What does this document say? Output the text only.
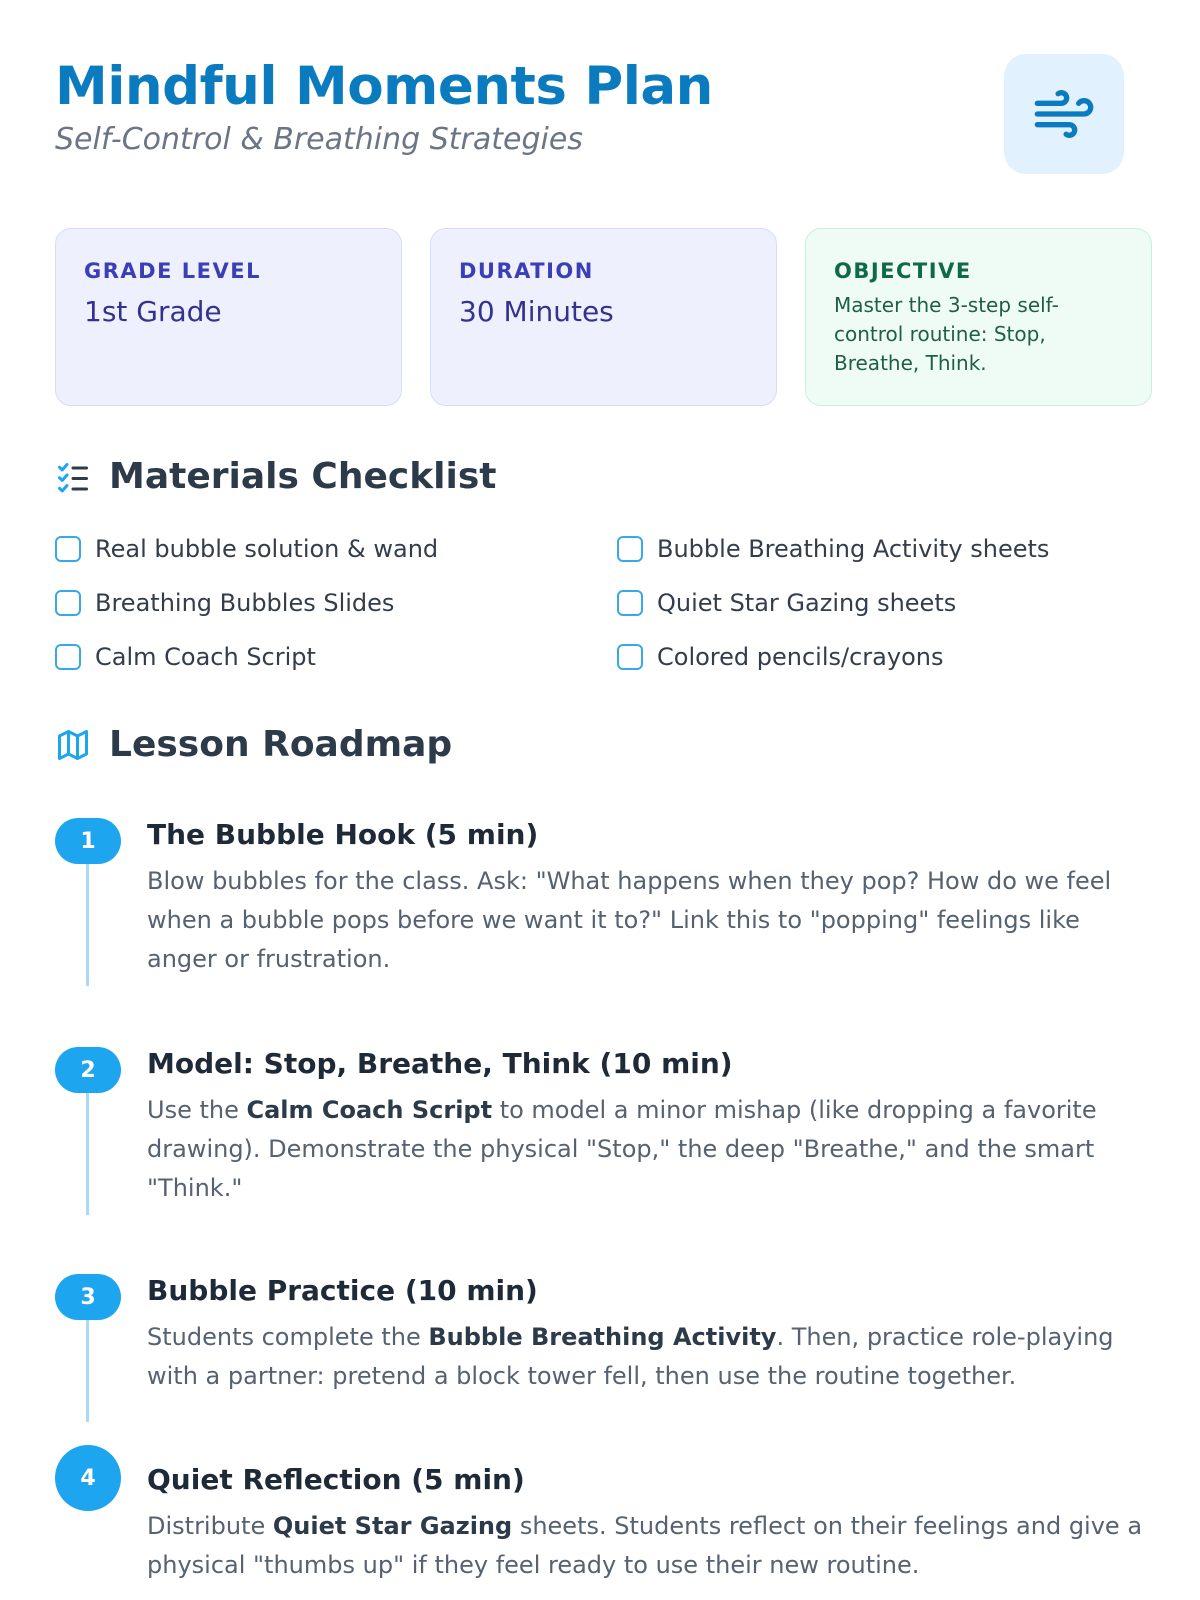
Mindful Moments Plan
Self-Control & Breathing Strategies
GRADE LEVEL
1st Grade
DURATION
30 Minutes
OBJECTIVE
Master the 3-step self-control routine: Stop, Breathe, Think.
Materials Checklist
Real bubble solution & wand	Bubble Breathing Activity sheets
Breathing Bubbles Slides	Quiet Star Gazing sheets
Calm Coach Script	Colored pencils/crayons
Lesson Roadmap
1	The Bubble Hook (5 min)
Blow bubbles for the class. Ask: "What happens when they pop? How do we feel when a bubble pops before we want it to?" Link this to "popping" feelings like anger or frustration.
2	Model: Stop, Breathe, Think (10 min)
Use the Calm Coach Script to model a minor mishap (like dropping a favorite drawing). Demonstrate the physical "Stop," the deep "Breathe," and the smart "Think."
3	Bubble Practice (10 min)
Students complete the Bubble Breathing Activity. Then, practice role-playing with a partner: pretend a block tower fell, then use the routine together.
4	Quiet Reflection (5 min)
Distribute Quiet Star Gazing sheets. Students reflect on their feelings and give a physical "thumbs up" if they feel ready to use their new routine.
